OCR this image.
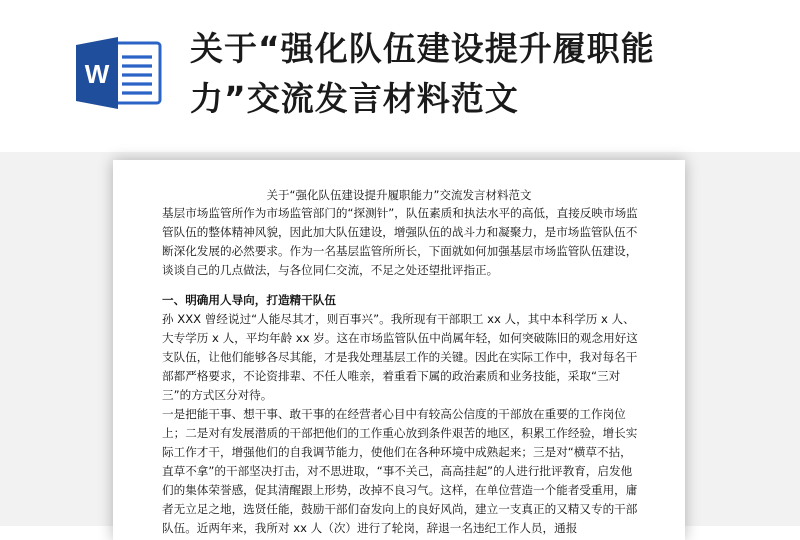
W
关于“强化队伍建设提升履职能
力”交流发言材料范文
关于“强化队伍建设提升履职能力”交流发言材料范文

基层市场监管所作为市场监管部门的“探测针”，队伍素质和执法水平的高低，直接反映市场监管队伍的整体精神风貌，因此加大队伍建设，增强队伍的战斗力和凝聚力，是市场监管队伍不断深化发展的必然要求。作为一名基层监管所所长，下面就如何加强基层市场监管队伍建设，谈谈自己的几点做法，与各位同仁交流，不足之处还望批评指正。

一、明确用人导向，打造精干队伍

孙 XXX 曾经说过“人能尽其才，则百事兴”。我所现有干部职工 xx 人，其中本科学历 x 人、大专学历 x 人，平均年龄 xx 岁。这在市场监管队伍中尚属年轻，如何突破陈旧的观念用好这支队伍，让他们能够各尽其能，才是我处理基层工作的关键。因此在实际工作中，我对每名干部都严格要求，不论资排辈、不任人唯亲，着重看下属的政治素质和业务技能，采取“三对三”的方式区分对待。

一是把能干事、想干事、敢干事的在经营者心目中有较高公信度的干部放在重要的工作岗位上；二是对有发展潜质的干部把他们的工作重心放到条件艰苦的地区，积累工作经验，增长实际工作才干，增强他们的自我调节能力，使他们在各种环境中成熟起来；三是对“横草不拈，直草不拿”的干部坚决打击，对不思进取，“事不关己，高高挂起”的人进行批评教育，启发他们的集体荣誉感，促其清醒跟上形势，改掉不良习气。这样，在单位营造一个能者受重用，庸者无立足之地，选贤任能，鼓励干部们奋发向上的良好风尚，建立一支真正的又精又专的干部队伍。近两年来，我所对 xx 人（次）进行了轮岗，辞退一名违纪工作人员，通报
